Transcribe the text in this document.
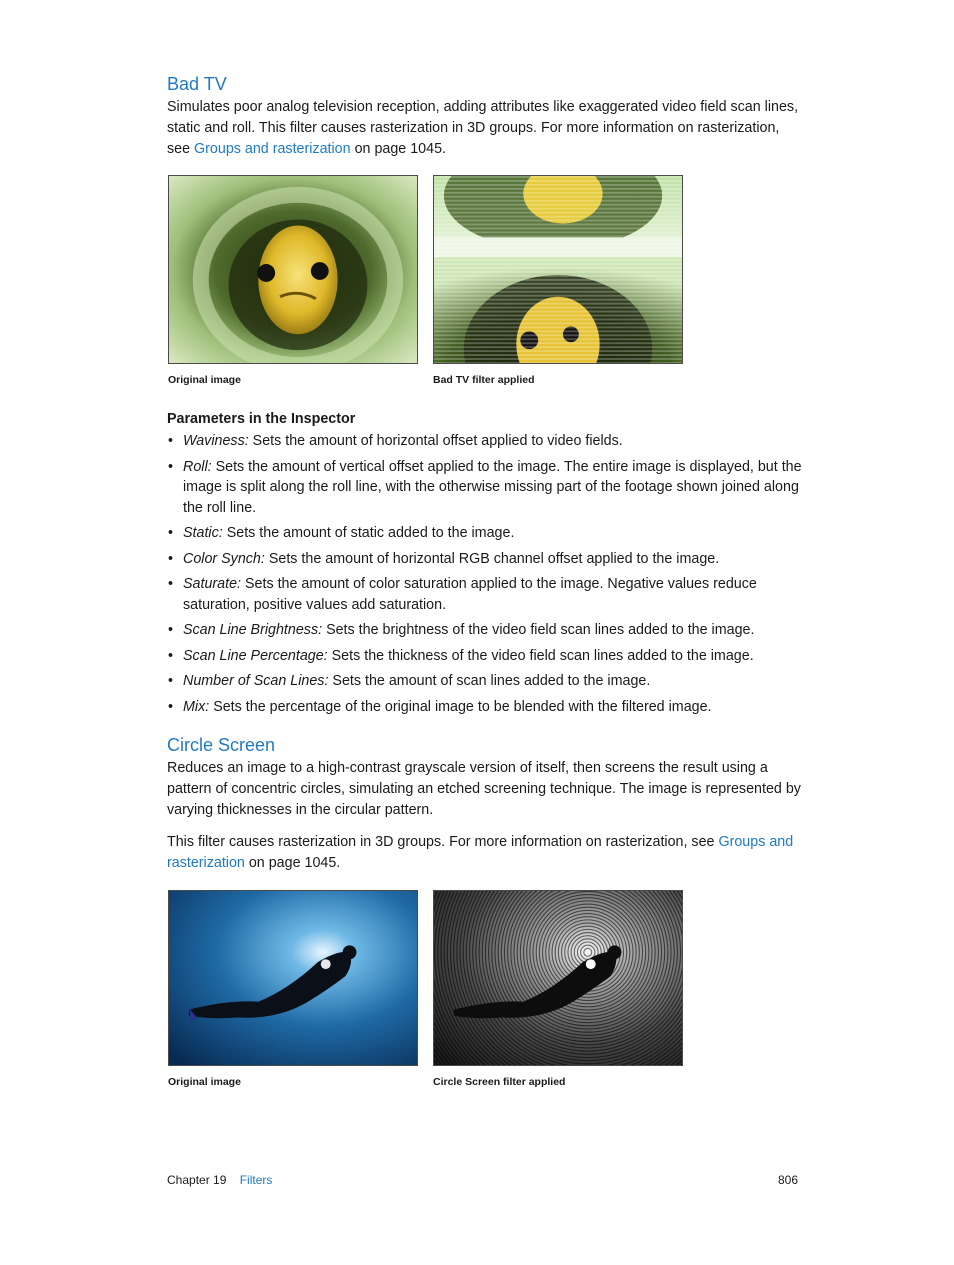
Bad TV

Simulates poor analog television reception, adding attributes like exaggerated video field scan lines, static and roll. This filter causes rasterization in 3D groups. For more information on rasterization, see Groups and rasterization on page 1045.

Original image	Bad TV filter applied
Parameters in the Inspector
• Waviness: Sets the amount of horizontal offset applied to video fields.
• Roll: Sets the amount of vertical offset applied to the image. The entire image is displayed, but the image is split along the roll line, with the otherwise missing part of the footage shown joined along the roll line.
• Static: Sets the amount of static added to the image.
• Color Synch: Sets the amount of horizontal RGB channel offset applied to the image.
• Saturate: Sets the amount of color saturation applied to the image. Negative values reduce saturation, positive values add saturation.
• Scan Line Brightness: Sets the brightness of the video field scan lines added to the image.
• Scan Line Percentage: Sets the thickness of the video field scan lines added to the image.
• Number of Scan Lines: Sets the amount of scan lines added to the image.
• Mix: Sets the percentage of the original image to be blended with the filtered image.
Circle Screen

Reduces an image to a high-contrast grayscale version of itself, then screens the result using a pattern of concentric circles, simulating an etched screening technique. The image is represented by varying thicknesses in the circular pattern.

This filter causes rasterization in 3D groups. For more information on rasterization, see Groups and rasterization on page 1045.

Original image	Circle Screen filter applied
Chapter 19 Filters	806
